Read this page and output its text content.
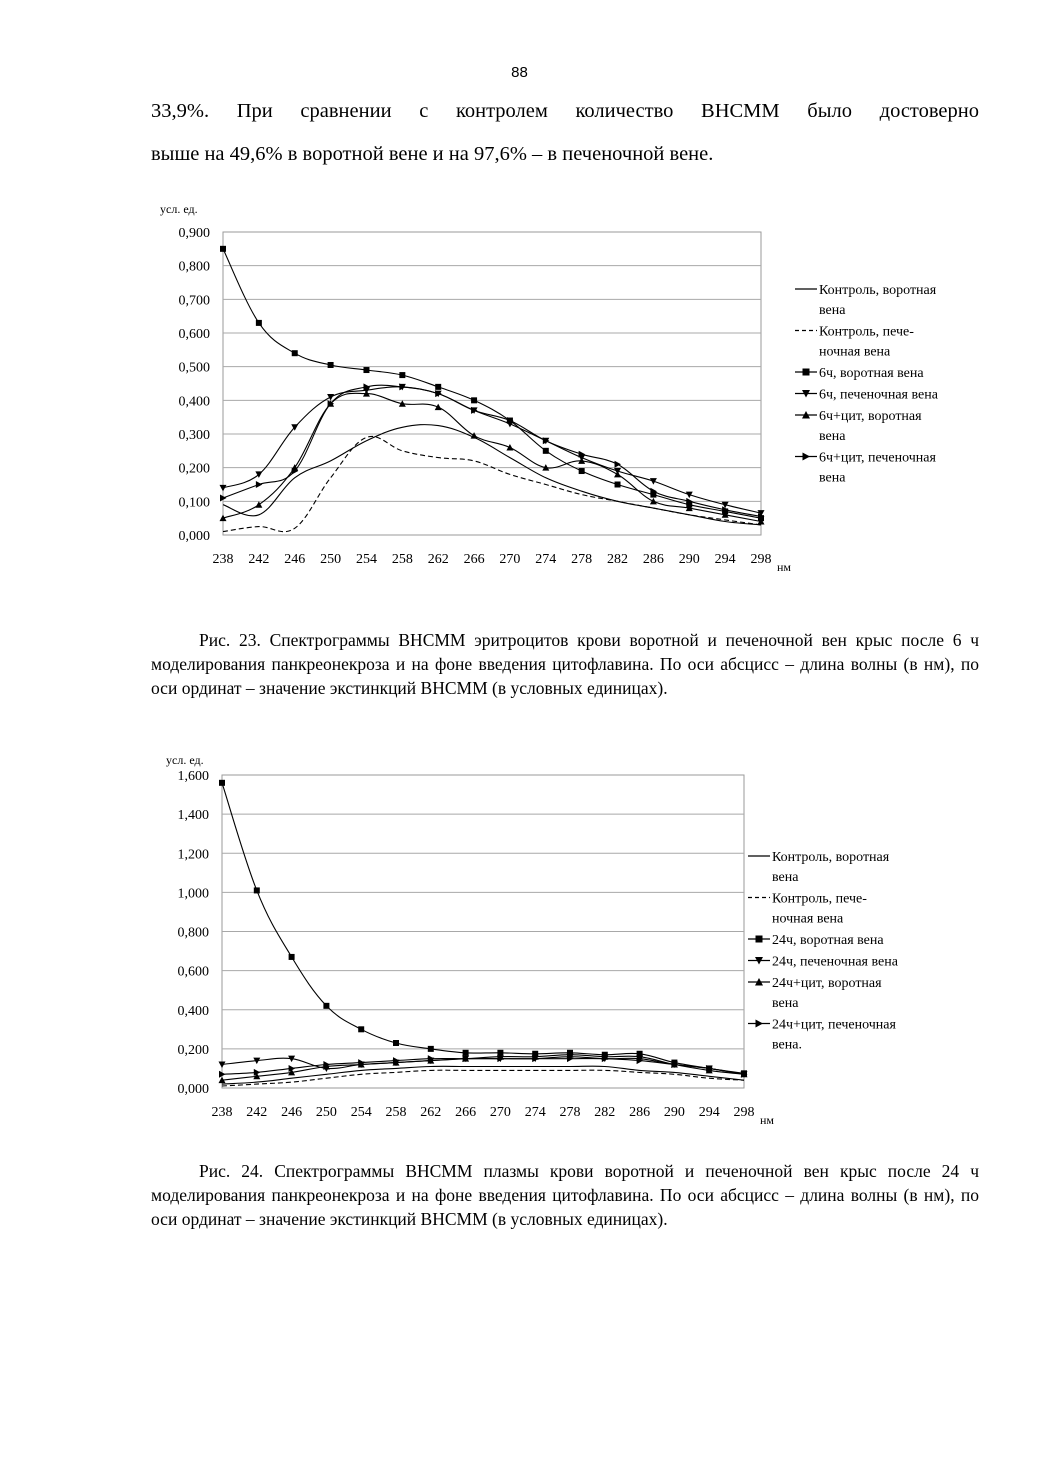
88

33,9%. При сравнении с контролем количество ВНСММ было достоверно

выше на 49,6% в воротной вене и на 97,6% – в печеночной вене.

0,000
0,100
0,200
0,300
0,400
0,500
0,600
0,700
0,800
0,900
238 242 246 250 254 258 262 266 270 274 278 282 286 290 294 298
усл. ед.
нм
Контроль, воротная
вена
Контроль, пече-
ночная вена
6ч, воротная вена
6ч, печеночная вена
6ч+цит, воротная
вена
6ч+цит, печеночная
вена

Рис. 23. Спектрограммы ВНСММ эритроцитов крови воротной и печеночной вен крыс после 6 ч моделирования панкреонекроза и на фоне введения цитофлавина. По оси абсцисс – длина волны (в нм), по оси ординат – значение экстинкций ВНСММ (в условных единицах).

0,000
0,200
0,400
0,600
0,800
1,000
1,200
1,400
1,600
238 242 246 250 254 258 262 266 270 274 278 282 286 290 294 298
усл. ед.
нм
Контроль, воротная
вена
Контроль, пече-
ночная вена
24ч, воротная вена
24ч, печеночная вена
24ч+цит, воротная
вена
24ч+цит, печеночная
вена.

Рис. 24. Спектрограммы ВНСММ плазмы крови воротной и печеночной вен крыс после 24 ч моделирования панкреонекроза и на фоне введения цитофлавина. По оси абсцисс – длина волны (в нм), по оси ординат – значение экстинкций ВНСММ (в условных единицах).
